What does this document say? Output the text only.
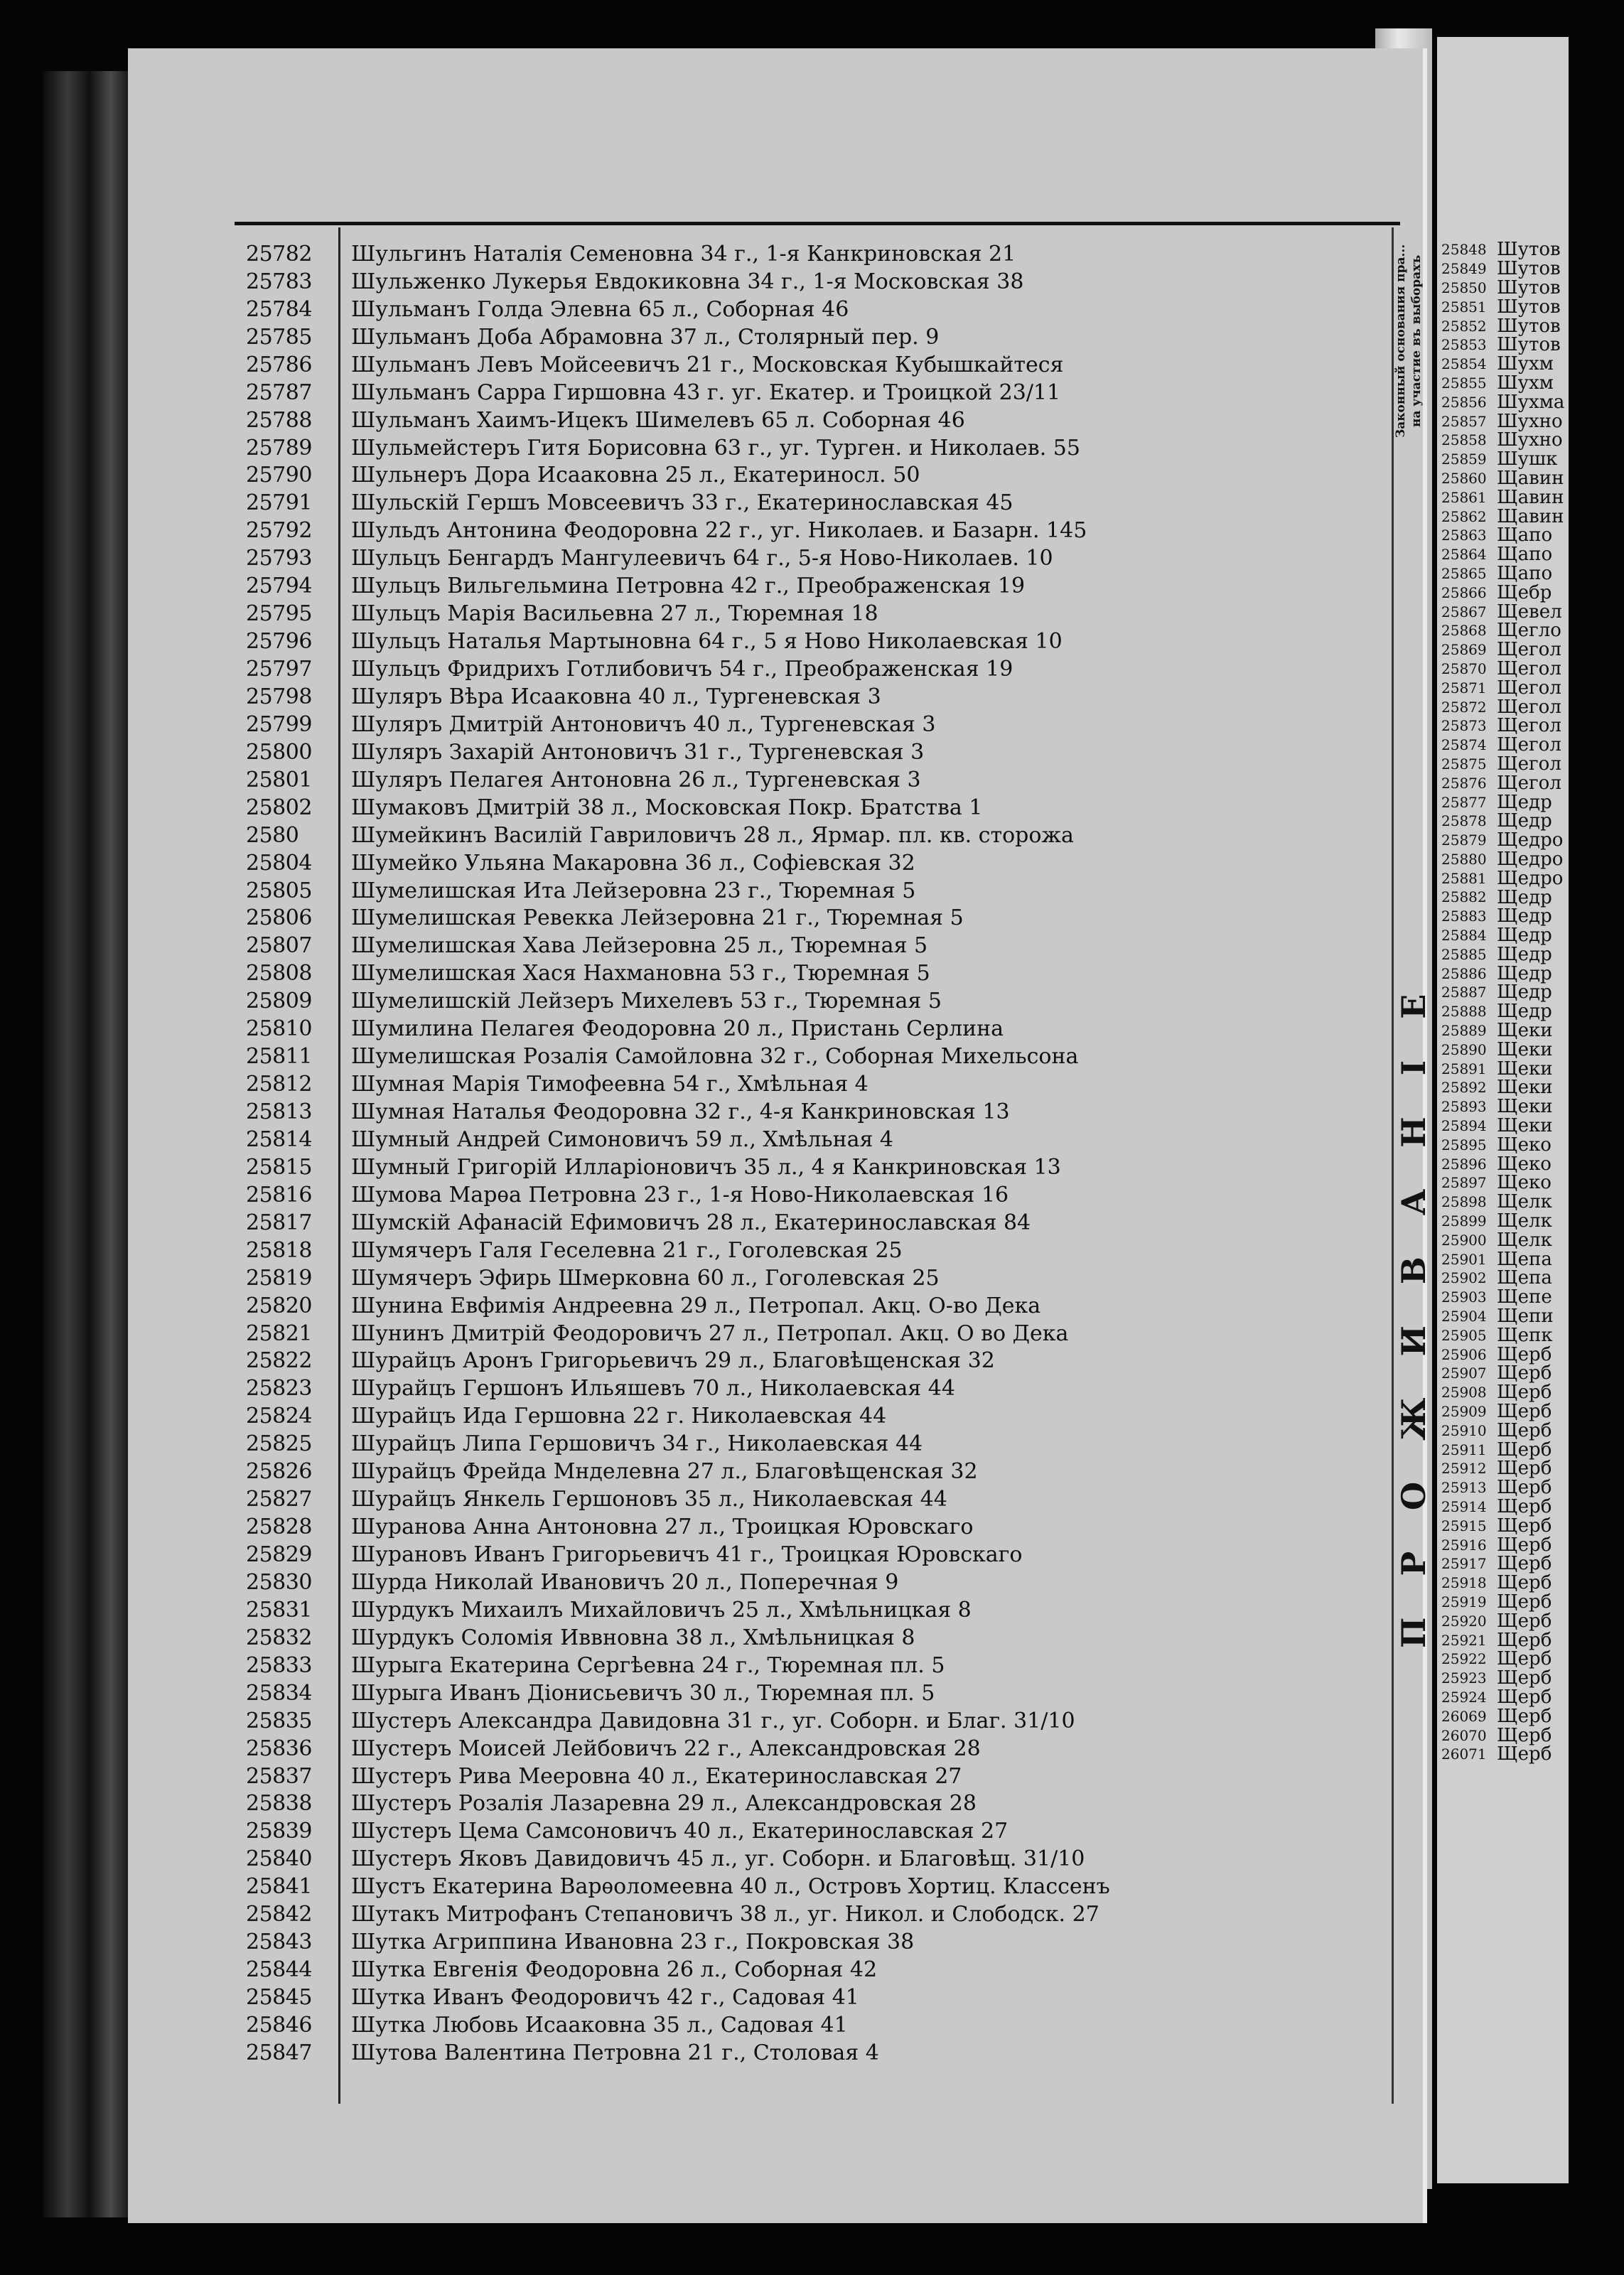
25782	Шульгинъ Наталія Семеновна 34 г., 1-я Канкриновская 21
25783	Шульженко Лукерья Евдокиковна 34 г., 1-я Московская 38
25784	Шульманъ Голда Элевна 65 л., Соборная 46
25785	Шульманъ Доба Абрамовна 37 л., Столярный пер. 9
25786	Шульманъ Левъ Мойсеевичъ 21 г., Московская Кубышкайтеся
25787	Шульманъ Сарра Гиршовна 43 г. уг. Екатер. и Троицкой 23/11
25788	Шульманъ Хаимъ-Ицекъ Шимелевъ 65 л. Соборная 46
25789	Шульмейстеръ Гитя Борисовна 63 г., уг. Турген. и Николаев. 55
25790	Шульнеръ Дора Исааковна 25 л., Екатериносл. 50
25791	Шульскій Гершъ Мовсеевичъ 33 г., Екатеринославская 45
25792	Шульдъ Антонина Феодоровна 22 г., уг. Николаев. и Базарн. 145
25793	Шульцъ Бенгардъ Мангулеевичъ 64 г., 5-я Ново-Николаев. 10
25794	Шульцъ Вильгельмина Петровна 42 г., Преображенская 19
25795	Шульцъ Марія Васильевна 27 л., Тюремная 18
25796	Шульцъ Наталья Мартыновна 64 г., 5 я Ново Николаевская 10
25797	Шульцъ Фридрихъ Готлибовичъ 54 г., Преображенская 19
25798	Шуляръ Вѣра Исааковна 40 л., Тургеневская 3
25799	Шуляръ Дмитрій Антоновичъ 40 л., Тургеневская 3
25800	Шуляръ Захарій Антоновичъ 31 г., Тургеневская 3
25801	Шуляръ Пелагея Антоновна 26 л., Тургеневская 3
25802	Шумаковъ Дмитрій 38 л., Московская Покр. Братства 1
2580	Шумейкинъ Василій Гавриловичъ 28 л., Ярмар. пл. кв. сторожа
25804	Шумейко Ульяна Макаровна 36 л., Софіевская 32
25805	Шумелишская Ита Лейзеровна 23 г., Тюремная 5
25806	Шумелишская Ревекка Лейзеровна 21 г., Тюремная 5
25807	Шумелишская Хава Лейзеровна 25 л., Тюремная 5
25808	Шумелишская Хася Нахмановна 53 г., Тюремная 5
25809	Шумелишскій Лейзеръ Михелевъ 53 г., Тюремная 5
25810	Шумилина Пелагея Феодоровна 20 л., Пристань Серлина
25811	Шумелишская Розалія Самойловна 32 г., Соборная Михельсона
25812	Шумная Марія Тимофеевна 54 г., Хмѣльная 4
25813	Шумная Наталья Феодоровна 32 г., 4-я Канкриновская 13
25814	Шумный Андрей Симоновичъ 59 л., Хмѣльная 4
25815	Шумный Григорій Илларіоновичъ 35 л., 4 я Канкриновская 13
25816	Шумова Марѳа Петровна 23 г., 1-я Ново-Николаевская 16
25817	Шумскій Афанасій Ефимовичъ 28 л., Екатеринославская 84
25818	Шумячеръ Галя Геселевна 21 г., Гоголевская 25
25819	Шумячеръ Эфирь Шмерковна 60 л., Гоголевская 25
25820	Шунина Евфимія Андреевна 29 л., Петропал. Акц. О-во Дека
25821	Шунинъ Дмитрій Феодоровичъ 27 л., Петропал. Акц. О во Дека
25822	Шурайцъ Аронъ Григорьевичъ 29 л., Благовѣщенская 32
25823	Шурайцъ Гершонъ Ильяшевъ 70 л., Николаевская 44
25824	Шурайцъ Ида Гершовна 22 г. Николаевская 44
25825	Шурайцъ Липа Гершовичъ 34 г., Николаевская 44
25826	Шурайцъ Фрейда Мнделевна 27 л., Благовѣщенская 32
25827	Шурайцъ Янкель Гершоновъ 35 л., Николаевская 44
25828	Шуранова Анна Антоновна 27 л., Троицкая Юровскаго
25829	Шурановъ Иванъ Григорьевичъ 41 г., Троицкая Юровскаго
25830	Шурда Николай Ивановичъ 20 л., Поперечная 9
25831	Шурдукъ Михаилъ Михайловичъ 25 л., Хмѣльницкая 8
25832	Шурдукъ Соломія Иввновна 38 л., Хмѣльницкая 8
25833	Шурыга Екатерина Сергѣевна 24 г., Тюремная пл. 5
25834	Шурыга Иванъ Діонисьевичъ 30 л., Тюремная пл. 5
25835	Шустеръ Александра Давидовна 31 г., уг. Соборн. и Благ. 31/10
25836	Шустеръ Моисей Лейбовичъ 22 г., Александровская 28
25837	Шустеръ Рива Мееровна 40 л., Екатеринославская 27
25838	Шустеръ Розалія Лазаревна 29 л., Александровская 28
25839	Шустеръ Цема Самсоновичъ 40 л., Екатеринославская 27
25840	Шустеръ Яковъ Давидовичъ 45 л., уг. Соборн. и Благовѣщ. 31/10
25841	Шустъ Екатерина Варѳоломеевна 40 л., Островъ Хортиц. Классенъ
25842	Шутакъ Митрофанъ Степановичъ 38 л., уг. Никол. и Слободск. 27
25843	Шутка Агриппина Ивановна 23 г., Покровская 38
25844	Шутка Евгенія Феодоровна 26 л., Соборная 42
25845	Шутка Иванъ Феодоровичъ 42 г., Садовая 41
25846	Шутка Любовь Исааковна 35 л., Садовая 41
25847	Шутова Валентина Петровна 21 г., Столовая 4
Законный основания пра... на участие въ выборахъ
ПРОЖИВАНІЕ
25848 Шутов
25849 Шутов
25850 Шутов
25851 Шутов
25852 Шутов
25853 Шутов
25854 Шухм
25855 Шухм
25856 Шухма
25857 Шухно
25858 Шухно
25859 Шушк
25860 Щавин
25861 Щавин
25862 Щавин
25863 Щапо
25864 Щапо
25865 Щапо
25866 Щебр
25867 Щевел
25868 Щегло
25869 Щегол
25870 Щегол
25871 Щегол
25872 Щегол
25873 Щегол
25874 Щегол
25875 Щегол
25876 Щегол
25877 Щедр
25878 Щедр
25879 Щедро
25880 Щедро
25881 Щедро
25882 Щедр
25883 Щедр
25884 Щедр
25885 Щедр
25886 Щедр
25887 Щедр
25888 Щедр
25889 Щеки
25890 Щеки
25891 Щеки
25892 Щеки
25893 Щеки
25894 Щеки
25895 Щеко
25896 Щеко
25897 Щеко
25898 Щелк
25899 Щелк
25900 Щелк
25901 Щепа
25902 Щепа
25903 Щепе
25904 Щепи
25905 Щепк
25906 Щерб
25907 Щерб
25908 Щерб
25909 Щерб
25910 Щерб
25911 Щерб
25912 Щерб
25913 Щерб
25914 Щерб
25915 Щерб
25916 Щерб
25917 Щерб
25918 Щерб
25919 Щерб
25920 Щерб
25921 Щерб
25922 Щерб
25923 Щерб
25924 Щерб
26069 Щерб
26070 Щерб
26071 Щерб
